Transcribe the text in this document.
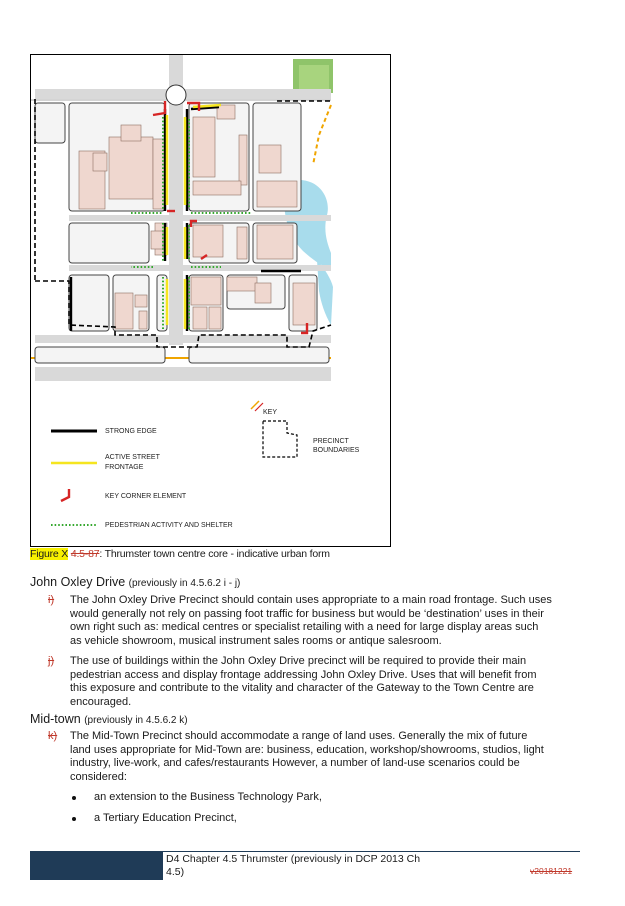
KEY
STRONG EDGE
ACTIVE STREET
FRONTAGE
KEY CORNER ELEMENT
PEDESTRIAN ACTIVITY AND SHELTER
PRECINCT BOUNDARIES
Figure X 4.5-87: Thrumster town centre core - indicative urban form
John Oxley Drive (previously in 4.5.6.2 i - j)
i) The John Oxley Drive Precinct should contain uses appropriate to a main road frontage. Such uses
would generally not rely on passing foot traffic for business but would be ‘destination’ uses in their
own right such as: medical centres or specialist retailing with a need for large display areas such
as vehicle showroom, musical instrument sales rooms or antique salesroom.
j) The use of buildings within the John Oxley Drive precinct will be required to provide their main
pedestrian access and display frontage addressing John Oxley Drive. Uses that will benefit from
this exposure and contribute to the vitality and character of the Gateway to the Town Centre are
encouraged.
Mid-town (previously in 4.5.6.2 k)
k) The Mid-Town Precinct should accommodate a range of land uses. Generally the mix of future
land uses appropriate for Mid-Town are: business, education, workshop/showrooms, studios, light
industry, live-work, and cafes/restaurants However, a number of land-use scenarios could be
considered:
an extension to the Business Technology Park,
a Tertiary Education Precinct,
D4 Chapter 4.5 Thrumster (previously in DCP 2013 Ch
4.5)	v20181221
